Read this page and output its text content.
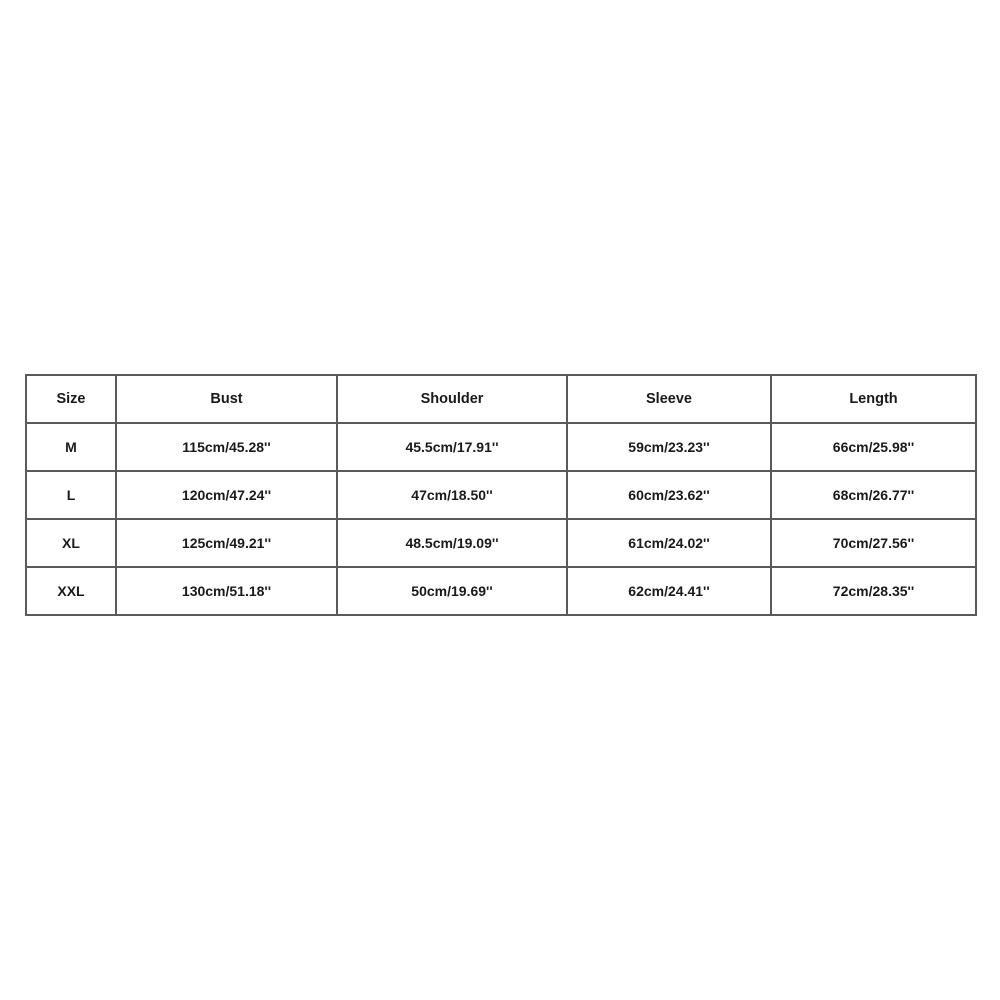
Size	Bust	Shoulder	Sleeve	Length
M	115cm/45.28''	45.5cm/17.91''	59cm/23.23''	66cm/25.98''
L	120cm/47.24''	47cm/18.50''	60cm/23.62''	68cm/26.77''
XL	125cm/49.21''	48.5cm/19.09''	61cm/24.02''	70cm/27.56''
XXL	130cm/51.18''	50cm/19.69''	62cm/24.41''	72cm/28.35''
